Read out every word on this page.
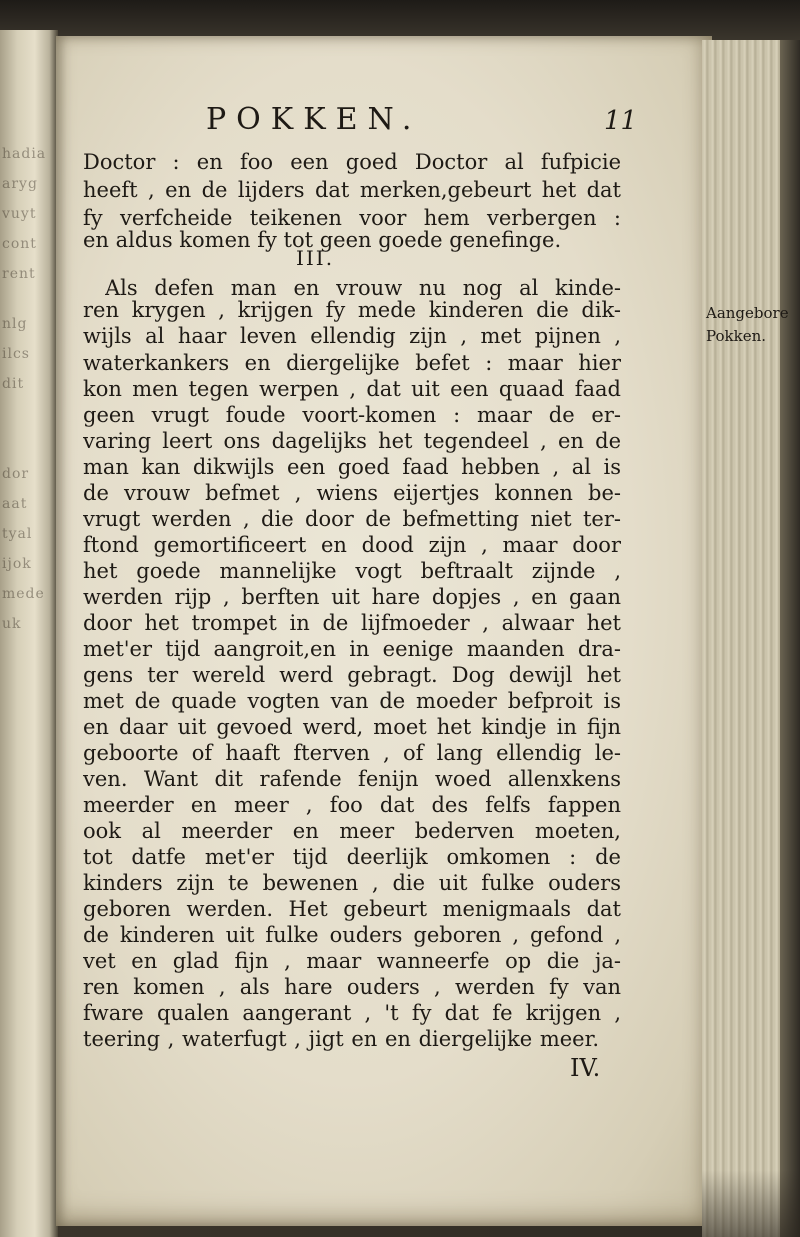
hadia
aryg
vuyt
cont
rent
nlg
ilcs
dit
dor
aat
tyal
ijok
mede
uk
POKKEN.	11
Doctor : en foo een goed Doctor al fufpicie
heeft , en de lijders dat merken,gebeurt het dat
fy verfcheide teikenen voor hem verbergen :
en aldus komen fy tot geen goede genefinge.
III.
Als defen man en vrouw nu nog al kinde-
ren krygen , krijgen fy mede kinderen die dik-
wijls al haar leven ellendig zijn , met pijnen ,
waterkankers en diergelijke befet : maar hier
kon men tegen werpen , dat uit een quaad faad
geen vrugt foude voort-komen : maar de er-
varing leert ons dagelijks het tegendeel , en de
man kan dikwijls een goed faad hebben , al is
de vrouw befmet , wiens eijertjes konnen be-
vrugt werden , die door de befmetting niet ter-
ftond gemortificeert en dood zijn , maar door
het goede mannelijke vogt beftraalt zijnde ,
werden rijp , berften uit hare dopjes , en gaan
door het trompet in de lijfmoeder , alwaar het
met'er tijd aangroit,en in eenige maanden dra-
gens ter wereld werd gebragt. Dog dewijl het
met de quade vogten van de moeder befproit is
en daar uit gevoed werd, moet het kindje in fijn
geboorte of haaft fterven , of lang ellendig le-
ven. Want dit rafende fenijn woed allenxkens
meerder en meer , foo dat des felfs fappen
ook al meerder en meer bederven moeten,
tot datfe met'er tijd deerlijk omkomen : de
kinders zijn te bewenen , die uit fulke ouders
geboren werden. Het gebeurt menigmaals dat
de kinderen uit fulke ouders geboren , gefond ,
vet en glad fijn , maar wanneerfe op die ja-
ren komen , als hare ouders , werden fy van
fware qualen aangerant , 't fy dat fe krijgen ,
teering , waterfugt , jigt en en diergelijke meer.
IV.
Aangebore
Pokken.
